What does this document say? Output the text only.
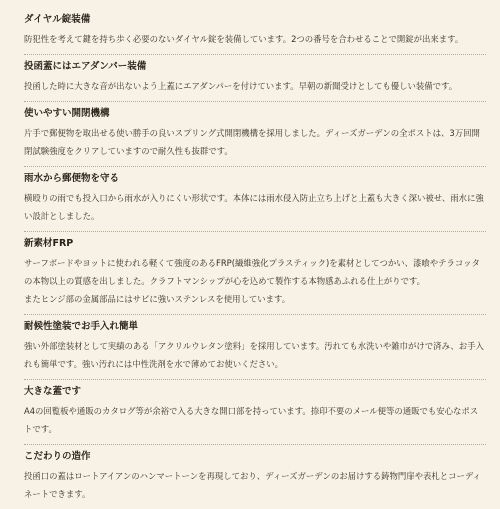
ダイヤル錠装備

防犯性を考えて鍵を持ち歩く必要のないダイヤル錠を装備しています。2つの番号を合わせることで開錠が出来ます。

投函蓋にはエアダンパー装備

投函した時に大きな音が出ないよう上蓋にエアダンパーを付けています。早朝の新聞受けとしても優しい装備です。

使いやすい開閉機構

片手で郵便物を取出せる使い勝手の良いスプリング式開閉機構を採用しました。ディーズガーデンの全ポストは、3万回開閉試験強度をクリアしていますので耐久性も抜群です。

雨水から郵便物を守る

横殴りの雨でも投入口から雨水が入りにくい形状です。本体には雨水侵入防止立ち上げと上蓋も大きく深い被せ、雨水に強い設計としました。

新素材FRP

サーフボードやヨットに使われる軽くて強度のあるFRP(繊維強化プラスティック)を素材としてつかい、漆喰やテラコッタの本物以上の質感を出しました。クラフトマンシップが心を込めて製作する本物感あふれる仕上がりです。

またヒンジ部の金属部品にはサビに強いステンレスを使用しています。

耐候性塗装でお手入れ簡単

強い外部塗装材として実績のある「アクリルウレタン塗料」を採用しています。汚れても水洗いや雑巾がけで済み、お手入れも簡単です。強い汚れには中性洗剤を水で薄めてお使いください。

大きな蓋です

A4の回覧板や通販のカタログ等が余裕で入る大きな開口部を持っています。捺印不要のメール便等の通販でも安心なポストです。

こだわりの造作

投函口の蓋はロートアイアンのハンマートーンを再現しており、ディーズガーデンのお届けする鋳物門扉や表札とコーディネートできます。
